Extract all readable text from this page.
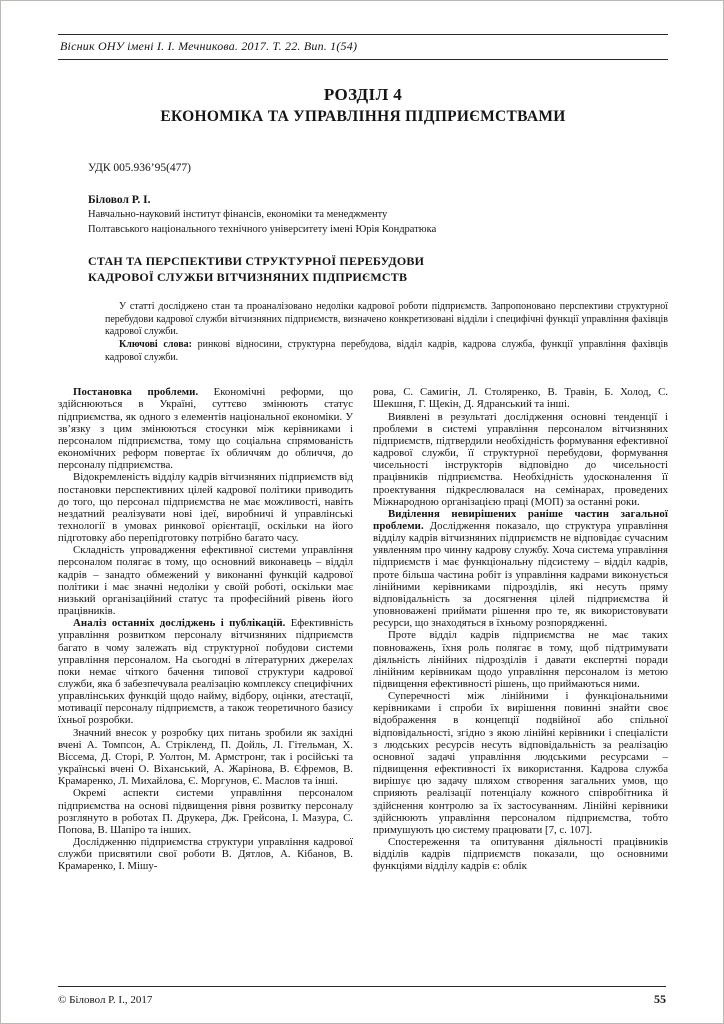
Вісник ОНУ імені І. І. Мечникова. 2017. Т. 22. Вип. 1(54)
РОЗДІЛ 4
ЕКОНОМІКА ТА УПРАВЛІННЯ ПІДПРИЄМСТВАМИ
УДК 005.936’95(477)
Біловол Р. І.
Навчально-науковий інститут фінансів, економіки та менеджменту
Полтавського національного технічного університету імені Юрія Кондратюка
СТАН ТА ПЕРСПЕКТИВИ СТРУКТУРНОЇ ПЕРЕБУДОВИ
КАДРОВОЇ СЛУЖБИ ВІТЧИЗНЯНИХ ПІДПРИЄМСТВ

У статті досліджено стан та проаналізовано недоліки кадрової роботи підприємств. Запропоновано перспективи структурної перебудови кадрової служби вітчизняних підприємств, визначено конкретизовані відділи і специфічні функції управління фахівців кадрової служби.

Ключові слова: ринкові відносини, структурна перебудова, відділ кадрів, кадрова служба, функції управління фахівців кадрової служби.

Постановка проблеми. Економічні реформи, що здійснюються в Україні, суттєво змінюють статус підприємства, як одного з елементів національної економіки. У зв’язку з цим змінюються стосунки між керівниками і персоналом підприємства, тому що соціальна спрямованість економічних реформ повертає їх обличчям до обличчя, до персоналу підприємства.

Відокремленість відділу кадрів вітчизняних підприємств від постановки перспективних цілей кадрової політики приводить до того, що персонал підприємства не має можливості, навіть нездатний реалізувати нові ідеї, виробничі й управлінські технології в умовах ринкової орієнтації, оскільки на його підготовку або перепідготовку потрібно багато часу.

Складність упровадження ефективної системи управління персоналом полягає в тому, що основний виконавець – відділ кадрів – занадто обмежений у виконанні функцій кадрової політики і має значні недоліки у своїй роботі, оскільки має низький організаційний статус та професійний рівень його працівників.

Аналіз останніх досліджень і публікацій. Ефективність управління розвитком персоналу вітчизняних підприємств багато в чому залежать від структурної побудови системи управління персоналом. На сьогодні в літературних джерелах поки немає чіткого бачення типової структури кадрової служби, яка б забезпечувала реалізацію комплексу специфічних управлінських функцій щодо найму, відбору, оцінки, атестації, мотивації персоналу підприємств, а також теоретичного базису їхньої розробки.

Значний внесок у розробку цих питань зробили як західні вчені А. Томпсон, А. Стрікленд, П. Дойль, Л. Гітельман, Х. Віссема, Д. Сторі, Р. Уолтон, М. Армстронг, так і російські та українські вчені О. Віханський, А. Жарінова, В. Єфремов, В. Крамаренко, Л. Михайлова, Є. Моргунов, Є. Маслов та інші.

Окремі аспекти системи управління персоналом підприємства на основі підвищення рівня розвитку персоналу розглянуто в роботах П. Друкера, Дж. Грейсона, І. Мазура, С. Попова, В. Шапіро та інших.

Дослідженню підприємства структури управління кадрової служби присвятили свої роботи В. Дятлов, А. Кібанов, В. Крамаренко, І. Мішу-

рова, С. Самигін, Л. Столяренко, В. Травін, Б. Холод, С. Шекшня, Г. Щекін, Д. Ядранський та інші.

Виявлені в результаті дослідження основні тенденції і проблеми в системі управління персоналом вітчизняних підприємств, підтвердили необхідність формування ефективної кадрової служби, її структурної перебудови, формування чисельності інструкторів відповідно до чисельності працівників підприємства. Необхідність удосконалення її проектування підкреслювалася на семінарах, проведених Міжнародною організацією праці (МОП) за останні роки.

Виділення невирішених раніше частин загальної проблеми. Дослідження показало, що структура управління відділу кадрів вітчизняних підприємств не відповідає сучасним уявленням про чинну кадрову службу. Хоча система управління підприємств і має функціональну підсистему – відділ кадрів, проте більша частина робіт із управління кадрами виконується лінійними керівниками підрозділів, які несуть пряму відповідальність за досягнення цілей підприємства й уповноважені приймати рішення про те, як використовувати ресурси, що знаходяться в їхньому розпорядженні.

Проте відділ кадрів підприємства не має таких повноважень, їхня роль полягає в тому, щоб підтримувати діяльність лінійних підрозділів і давати експертні поради лінійним керівникам щодо управління персоналом із метою підвищення ефективності рішень, що приймаються ними.

Суперечності між лінійними і функціональними керівниками і спроби їх вирішення повинні знайти своє відображення в концепції подвійної або спільної відповідальності, згідно з якою лінійні керівники і спеціалісти з людських ресурсів несуть відповідальність за реалізацію основної задачі управління людськими ресурсами – підвищення ефективності їх використання. Кадрова служба вирішує цю задачу шляхом створення загальних умов, що сприяють реалізації потенціалу кожного співробітника й здійснення контролю за їх застосуванням. Лінійні керівники здійснюють управління персоналом підприємства, тобто примушують цю систему працювати [7, с. 107].

Спостереження та опитування діяльності працівників відділів кадрів підприємств показали, що основними функціями відділу кадрів є: облік

© Біловол Р. І., 2017	55
